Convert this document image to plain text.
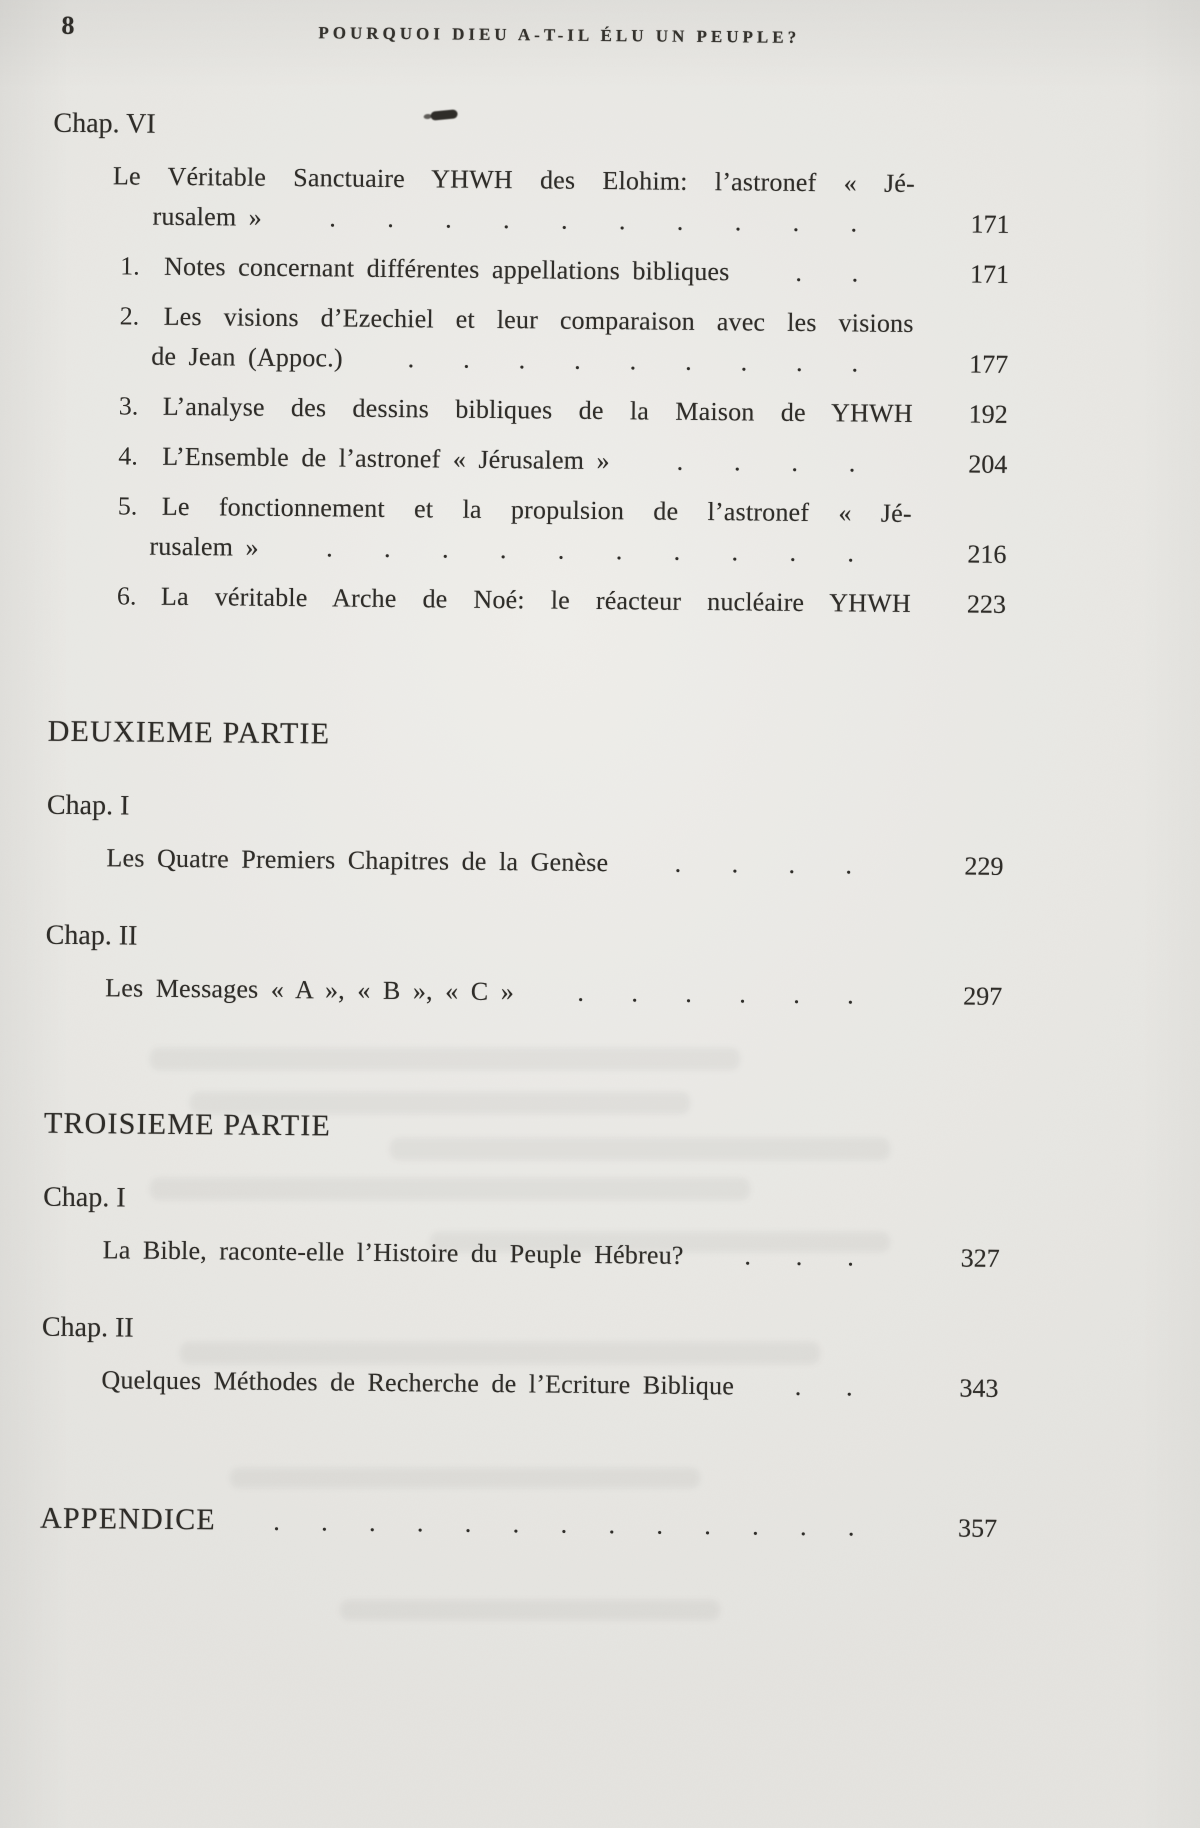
8	POURQUOI DIEU A-T-IL ÉLU UN PEUPLE?
Chap. VI
Le Véritable Sanctuaire YHWH des Elohim: l’astronef « Jé-
rusalem »	. . . . . . . . . .	171
1. Notes concernant différentes appellations bibliques	. .	171
2. Les visions d’Ezechiel et leur comparaison avec les visions
de Jean (Appoc.) . . . . . . . . .	177
3. L’analyse des dessins bibliques de la Maison de YHWH	192
4. L’Ensemble de l’astronef « Jérusalem »	. . . .	204
5. Le fonctionnement et la propulsion de l’astronef « Jé-
rusalem »	. . . . . . . . . .	216
6. La véritable Arche de Noé: le réacteur nucléaire YHWH	223
DEUXIEME PARTIE
Chap. I
Les Quatre Premiers Chapitres de la Genèse	. . . .	229
Chap. II
Les Messages « A », « B », « C » . . . . . .	297
TROISIEME PARTIE
Chap. I
La Bible, raconte-elle l’Histoire du Peuple Hébreu? . . .	327
Chap. II
Quelques Méthodes de Recherche de l’Ecriture Biblique . .	343
APPENDICE . . . . . . . . . . . . .	357
